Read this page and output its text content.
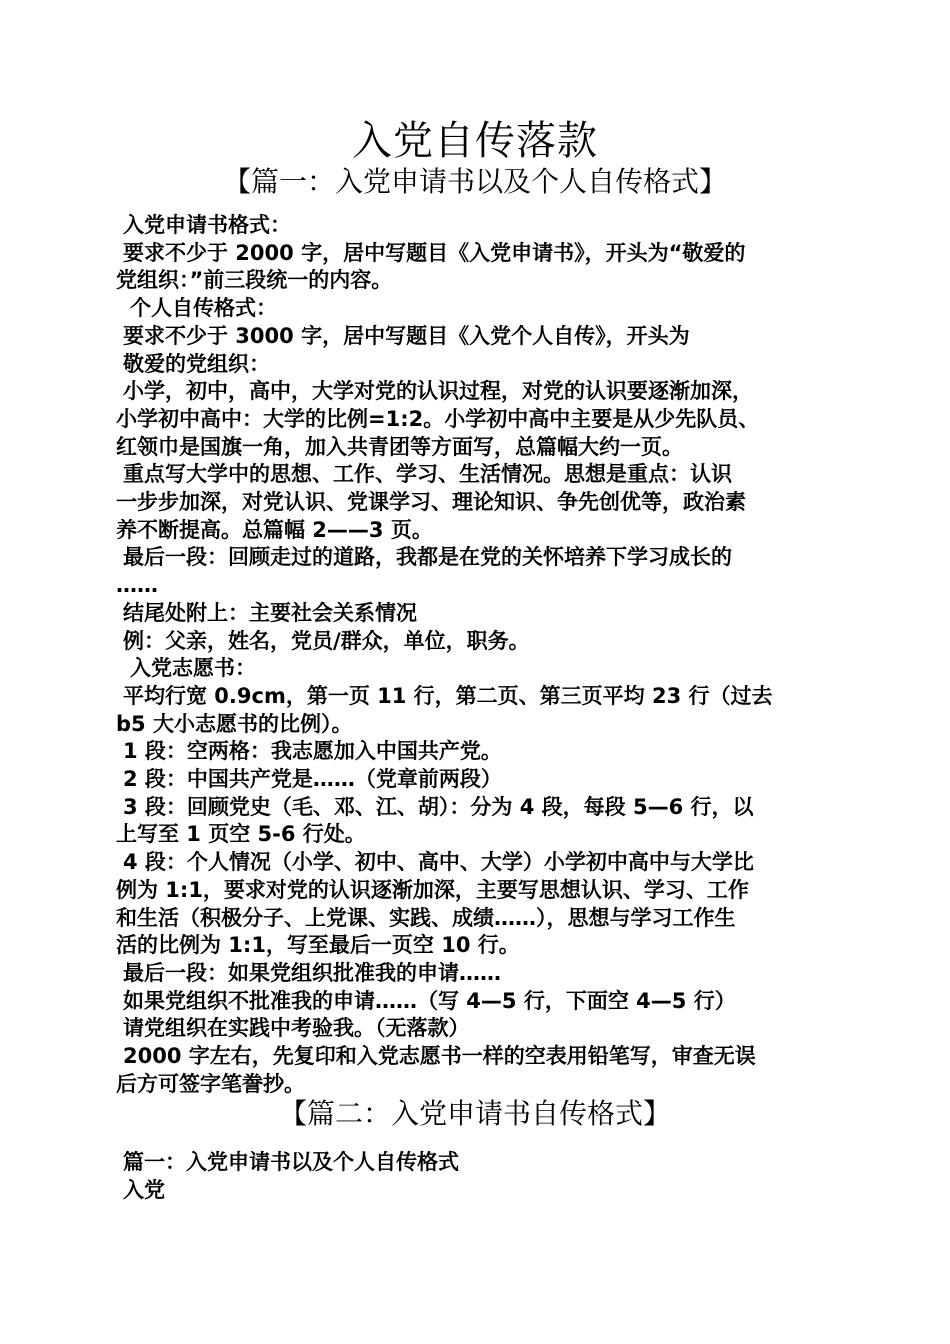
入党自传落款
【篇一：入党申请书以及个人自传格式】

入党申请书格式：

要求不少于 2000 字，居中写题目《入党申请书》，开头为“敬爱的

党组织：”前三段统一的内容。

个人自传格式：

要求不少于 3000 字，居中写题目《入党个人自传》，开头为

敬爱的党组织：

小学，初中，高中，大学对党的认识过程，对党的认识要逐渐加深，

小学初中高中：大学的比例=1:2。小学初中高中主要是从少先队员、

红领巾是国旗一角，加入共青团等方面写，总篇幅大约一页。

重点写大学中的思想、工作、学习、生活情况。思想是重点：认识

一步步加深，对党认识、党课学习、理论知识、争先创优等，政治素

养不断提高。总篇幅 2——3 页。

最后一段：回顾走过的道路，我都是在党的关怀培养下学习成长的

……

结尾处附上：主要社会关系情况

例：父亲，姓名，党员/群众，单位，职务。

入党志愿书：

平均行宽 0.9cm，第一页 11 行，第二页、第三页平均 23 行（过去

b5 大小志愿书的比例）。

1 段：空两格：我志愿加入中国共产党。

2 段：中国共产党是……（党章前两段）

3 段：回顾党史（毛、邓、江、胡）：分为 4 段，每段 5—6 行，以

上写至 1 页空 5-6 行处。

4 段：个人情况（小学、初中、高中、大学）小学初中高中与大学比

例为 1:1，要求对党的认识逐渐加深，主要写思想认识、学习、工作

和生活（积极分子、上党课、实践、成绩……），思想与学习工作生

活的比例为 1:1，写至最后一页空 10 行。

最后一段：如果党组织批准我的申请……

如果党组织不批准我的申请……（写 4—5 行，下面空 4—5 行）

请党组织在实践中考验我。（无落款）

2000 字左右，先复印和入党志愿书一样的空表用铅笔写，审查无误

后方可签字笔誊抄。

【篇二：入党申请书自传格式】

篇一：入党申请书以及个人自传格式

入党
